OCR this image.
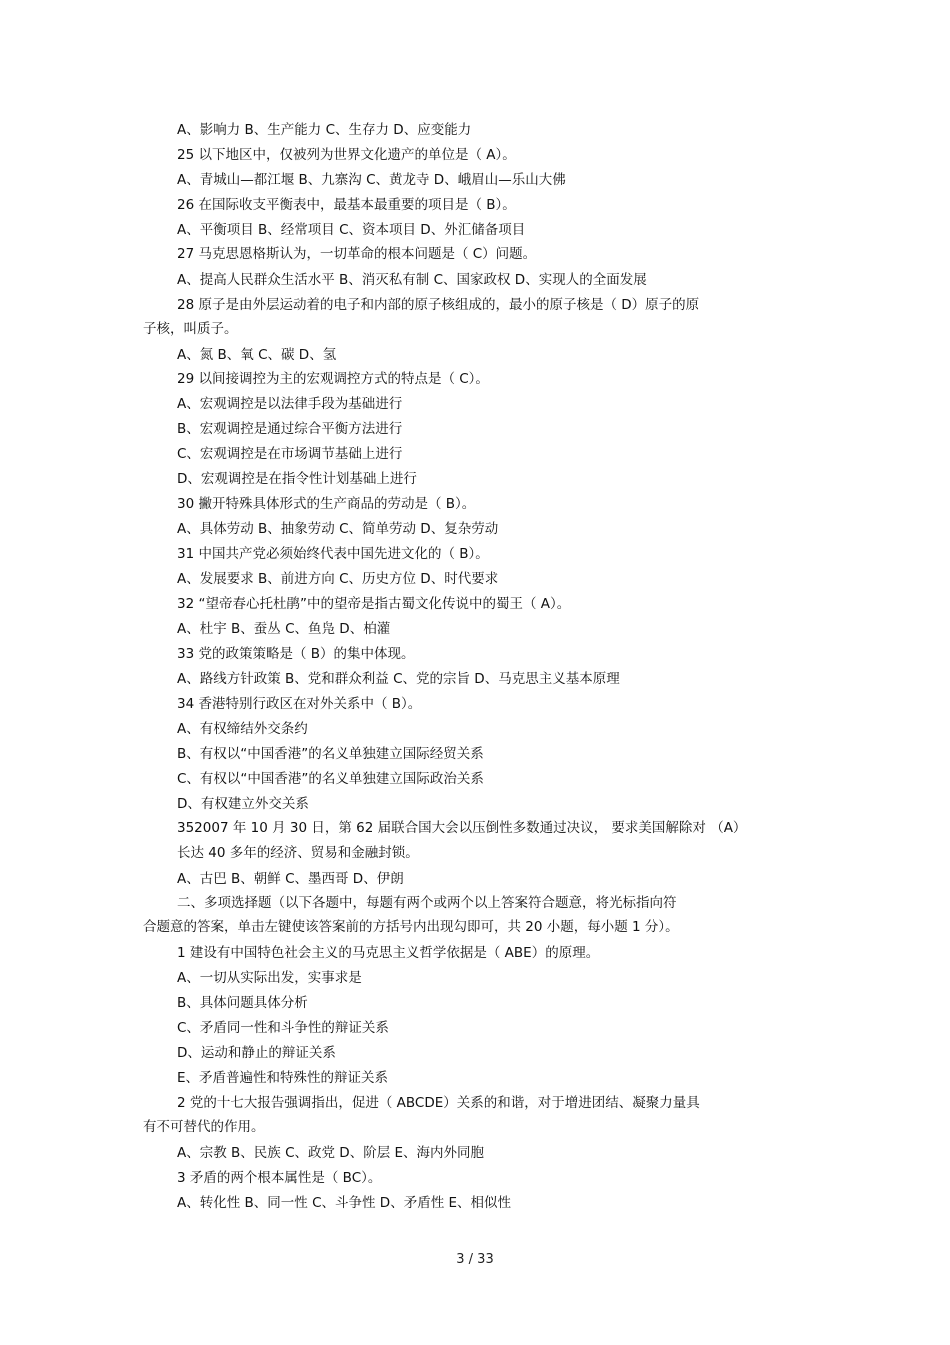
A、影响力 B、生产能力 C、生存力 D、应变能力
25 以下地区中，仅被列为世界文化遗产的单位是（ A）。
A、青城山—都江堰 B、九寨沟 C、黄龙寺 D、峨眉山—乐山大佛
26 在国际收支平衡表中，最基本最重要的项目是（ B）。
A、平衡项目 B、经常项目 C、资本项目 D、外汇储备项目
27 马克思恩格斯认为，一切革命的根本问题是（ C）问题。
A、提高人民群众生活水平 B、消灭私有制 C、国家政权 D、实现人的全面发展
28 原子是由外层运动着的电子和内部的原子核组成的，最小的原子核是（ D）原子的原
子核，叫质子。
A、氮 B、氧 C、碳 D、氢
29 以间接调控为主的宏观调控方式的特点是（ C）。
A、宏观调控是以法律手段为基础进行
B、宏观调控是通过综合平衡方法进行
C、宏观调控是在市场调节基础上进行
D、宏观调控是在指令性计划基础上进行
30 撇开特殊具体形式的生产商品的劳动是（ B）。
A、具体劳动 B、抽象劳动 C、简单劳动 D、复杂劳动
31 中国共产党必须始终代表中国先进文化的（ B）。
A、发展要求 B、前进方向 C、历史方位 D、时代要求
32 “望帝春心托杜鹃”中的望帝是指古蜀文化传说中的蜀王（ A）。
A、杜宇 B、蚕丛 C、鱼凫 D、柏灌
33 党的政策策略是（ B）的集中体现。
A、路线方针政策 B、党和群众利益 C、党的宗旨 D、马克思主义基本原理
34 香港特别行政区在对外关系中（ B）。
A、有权缔结外交条约
B、有权以“中国香港”的名义单独建立国际经贸关系
C、有权以“中国香港”的名义单独建立国际政治关系
D、有权建立外交关系
352007 年 10 月 30 日，第 62 届联合国大会以压倒性多数通过决议， 要求美国解除对 （A）
长达 40 多年的经济、贸易和金融封锁。
A、古巴 B、朝鲜 C、墨西哥 D、伊朗
二、多项选择题（以下各题中，每题有两个或两个以上答案符合题意，将光标指向符
合题意的答案，单击左键使该答案前的方括号内出现勾即可，共 20 小题，每小题 1 分）。
1 建设有中国特色社会主义的马克思主义哲学依据是（ ABE）的原理。
A、一切从实际出发，实事求是
B、具体问题具体分析
C、矛盾同一性和斗争性的辩证关系
D、运动和静止的辩证关系
E、矛盾普遍性和特殊性的辩证关系
2 党的十七大报告强调指出，促进（ ABCDE）关系的和谐，对于增进团结、凝聚力量具
有不可替代的作用。
A、宗教 B、民族 C、政党 D、阶层 E、海内外同胞
3 矛盾的两个根本属性是（ BC）。
A、转化性 B、同一性 C、斗争性 D、矛盾性 E、相似性
3 / 33
